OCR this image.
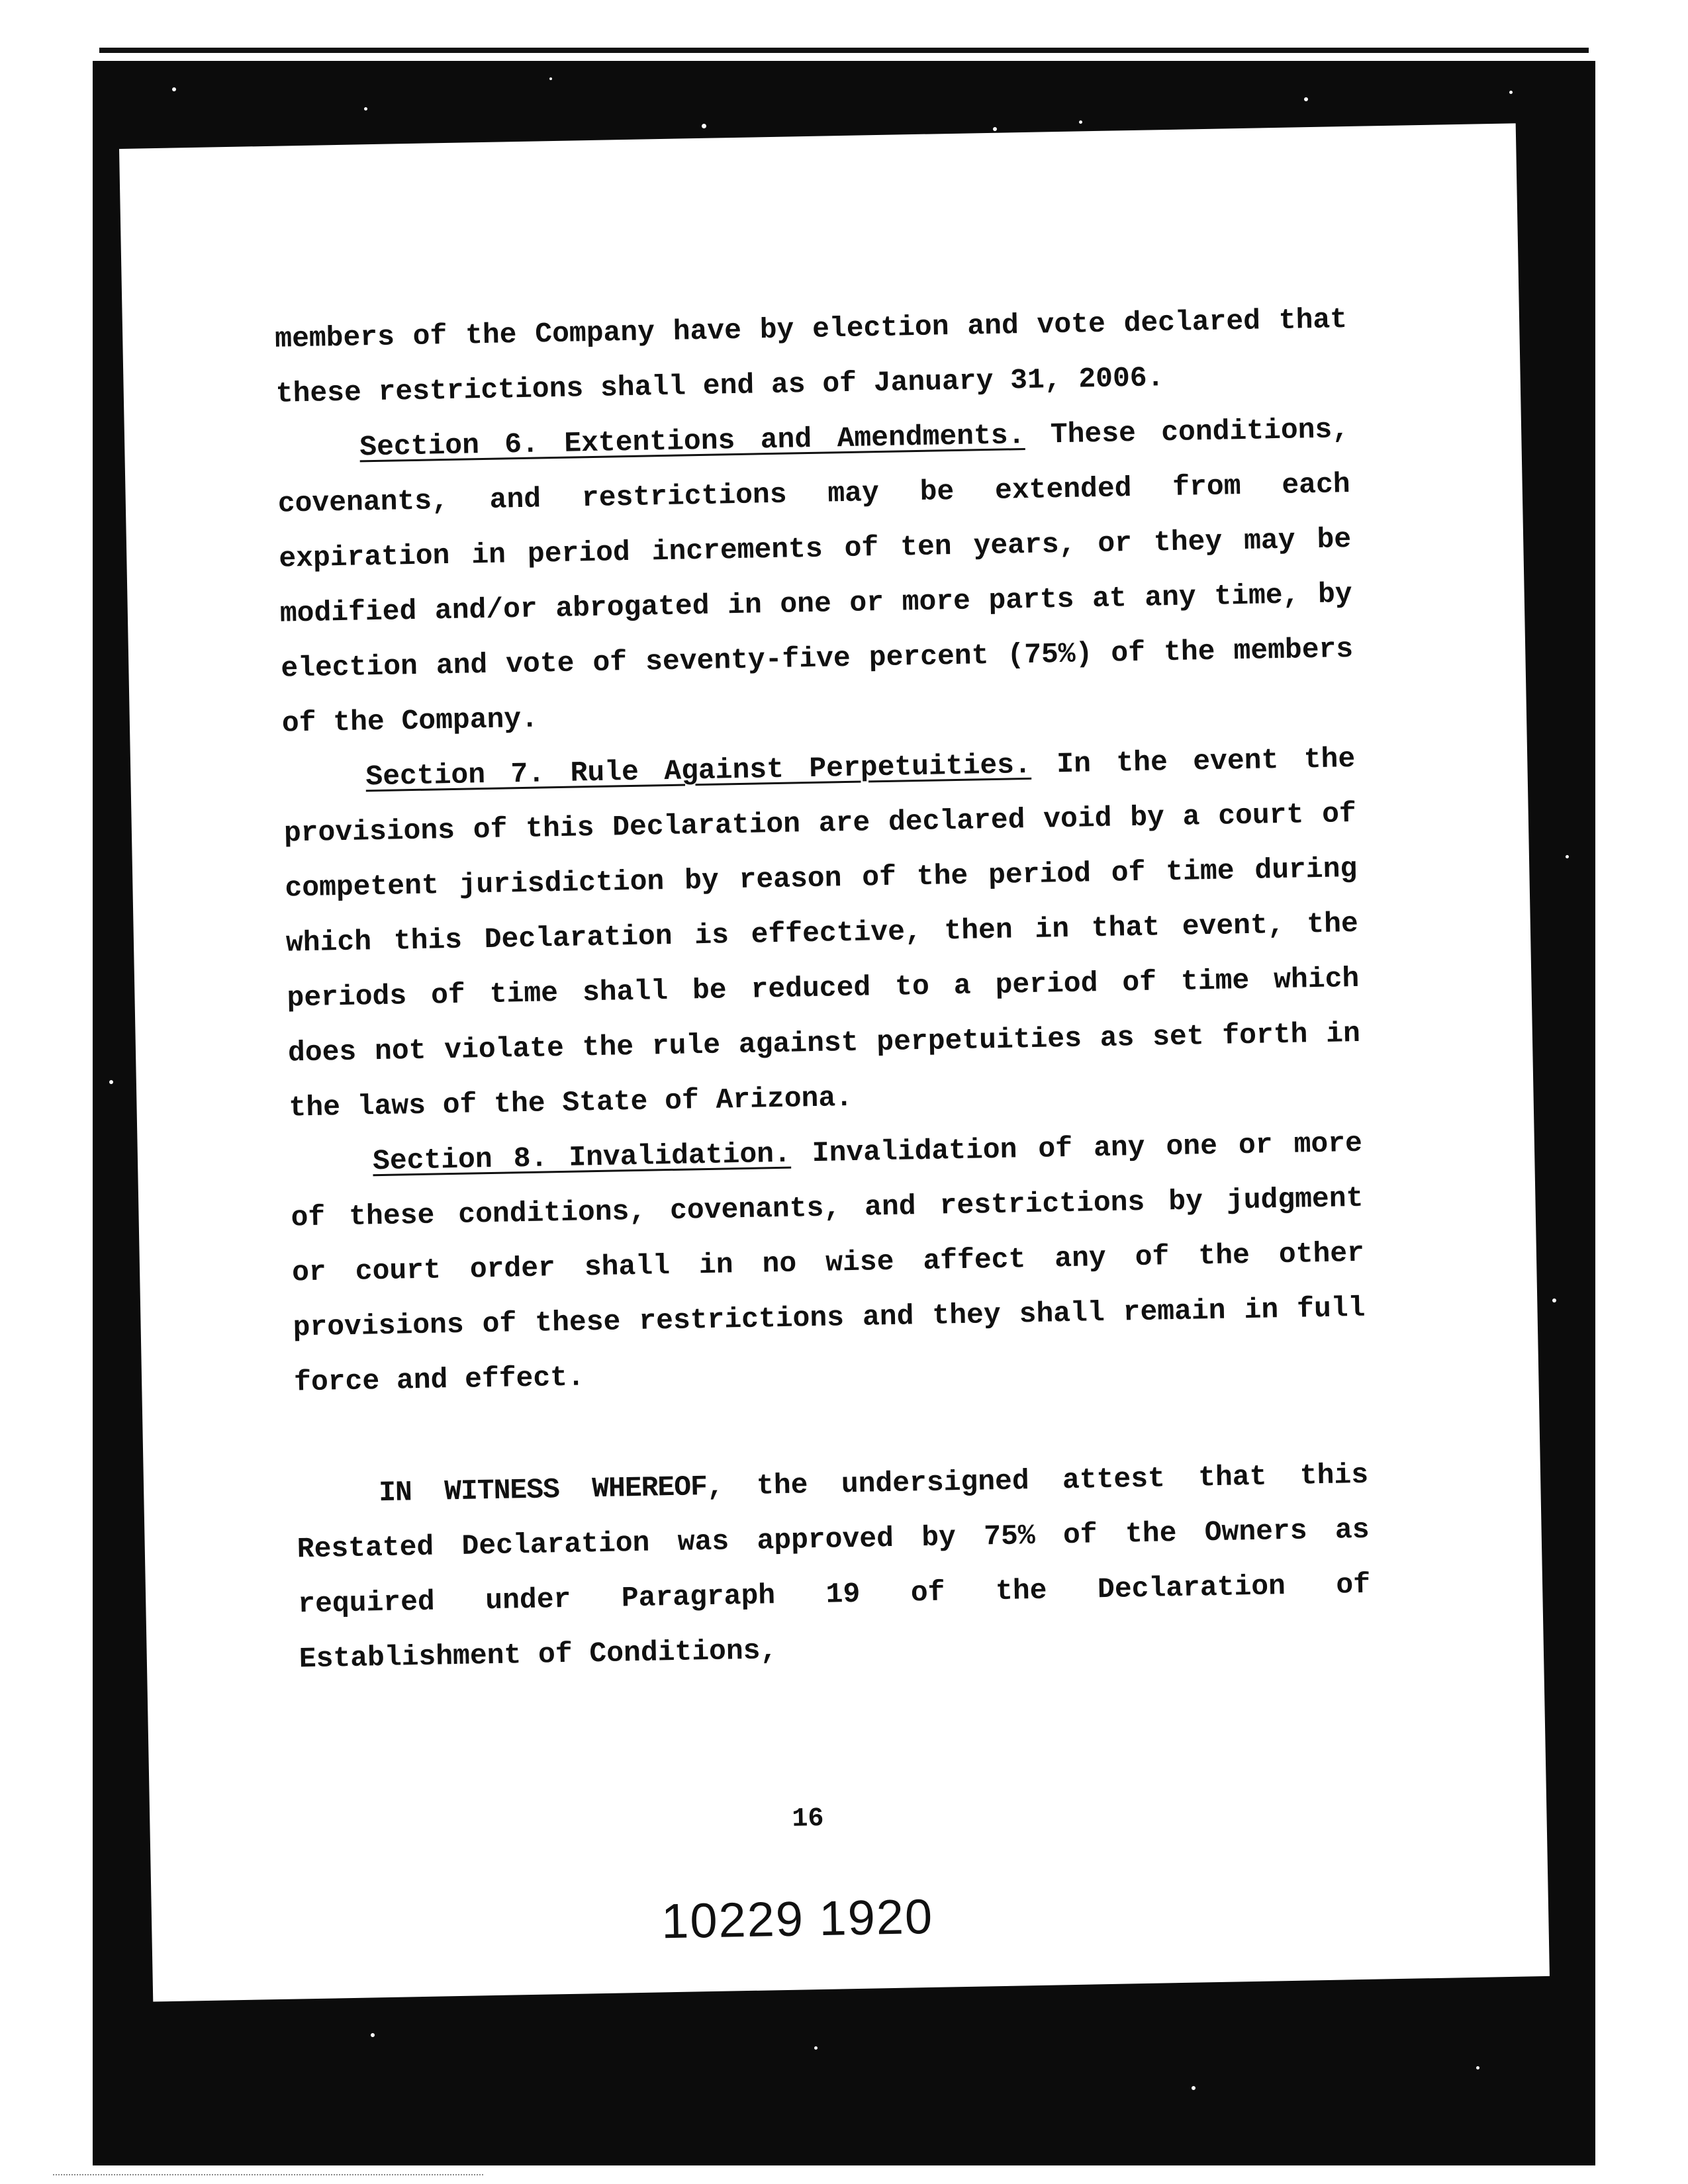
members of the Company have by election and vote declared that these restrictions shall end as of January 31, 2006.

Section 6. Extentions and Amendments. These conditions, covenants, and restrictions may be extended from each expiration in period increments of ten years, or they may be modified and/or abrogated in one or more parts at any time, by election and vote of seventy-five percent (75%) of the members of the Company.

Section 7. Rule Against Perpetuities. In the event the provisions of this Declaration are declared void by a court of competent jurisdiction by reason of the period of time during which this Declaration is effective, then in that event, the periods of time shall be reduced to a period of time which does not violate the rule against perpetuities as set forth in the laws of the State of Arizona.

Section 8. Invalidation. Invalidation of any one or more of these conditions, covenants, and restrictions by judgment or court order shall in no wise affect any of the other provisions of these restrictions and they shall remain in full force and effect.

IN WITNESS WHEREOF, the undersigned attest that this Restated Declaration was approved by 75% of the Owners as required under Paragraph 19 of the Declaration of Establishment of Conditions,

16
10229 1920
